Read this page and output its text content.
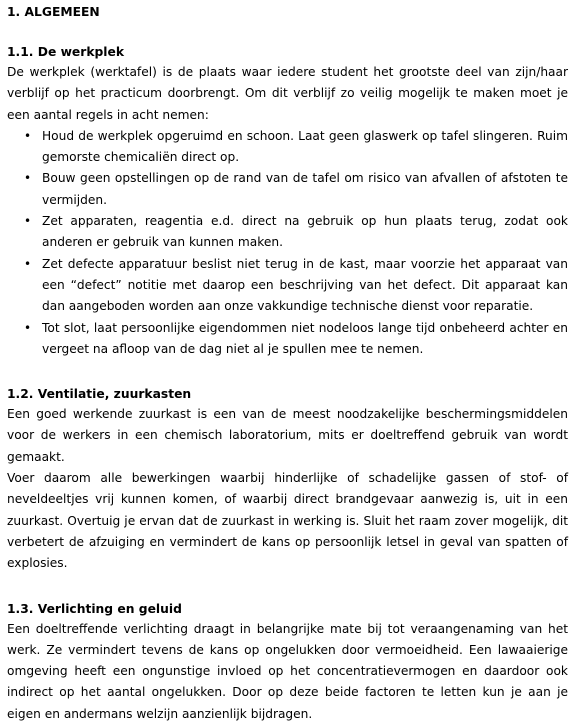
1. ALGEMEEN
1.1. De werkplek

De werkplek (werktafel) is de plaats waar iedere student het grootste deel van zijn/haar verblijf op het practicum doorbrengt. Om dit verblijf zo veilig mogelijk te maken moet je een aantal regels in acht nemen:

• Houd de werkplek opgeruimd en schoon. Laat geen glaswerk op tafel slingeren. Ruim gemorste chemicaliën direct op.
• Bouw geen opstellingen op de rand van de tafel om risico van afvallen of afstoten te vermijden.
• Zet apparaten, reagentia e.d. direct na gebruik op hun plaats terug, zodat ook anderen er gebruik van kunnen maken.
• Zet defecte apparatuur beslist niet terug in de kast, maar voorzie het apparaat van een “defect” notitie met daarop een beschrijving van het defect. Dit apparaat kan dan aangeboden worden aan onze vakkundige technische dienst voor reparatie.
• Tot slot, laat persoonlijke eigendommen niet nodeloos lange tijd onbeheerd achter en vergeet na afloop van de dag niet al je spullen mee te nemen.
1.2. Ventilatie, zuurkasten

Een goed werkende zuurkast is een van de meest noodzakelijke beschermingsmiddelen voor de werkers in een chemisch laboratorium, mits er doeltreffend gebruik van wordt gemaakt.

Voer daarom alle bewerkingen waarbij hinderlijke of schadelijke gassen of stof- of neveldeeltjes vrij kunnen komen, of waarbij direct brandgevaar aanwezig is, uit in een zuurkast. Overtuig je ervan dat de zuurkast in werking is. Sluit het raam zover mogelijk, dit verbetert de afzuiging en vermindert de kans op persoonlijk letsel in geval van spatten of explosies.

1.3. Verlichting en geluid

Een doeltreffende verlichting draagt in belangrijke mate bij tot veraangenaming van het werk. Ze vermindert tevens de kans op ongelukken door vermoeidheid. Een lawaaierige omgeving heeft een ongunstige invloed op het concentratievermogen en daardoor ook indirect op het aantal ongelukken. Door op deze beide factoren te letten kun je aan je eigen en andermans welzijn aanzienlijk bijdragen.
